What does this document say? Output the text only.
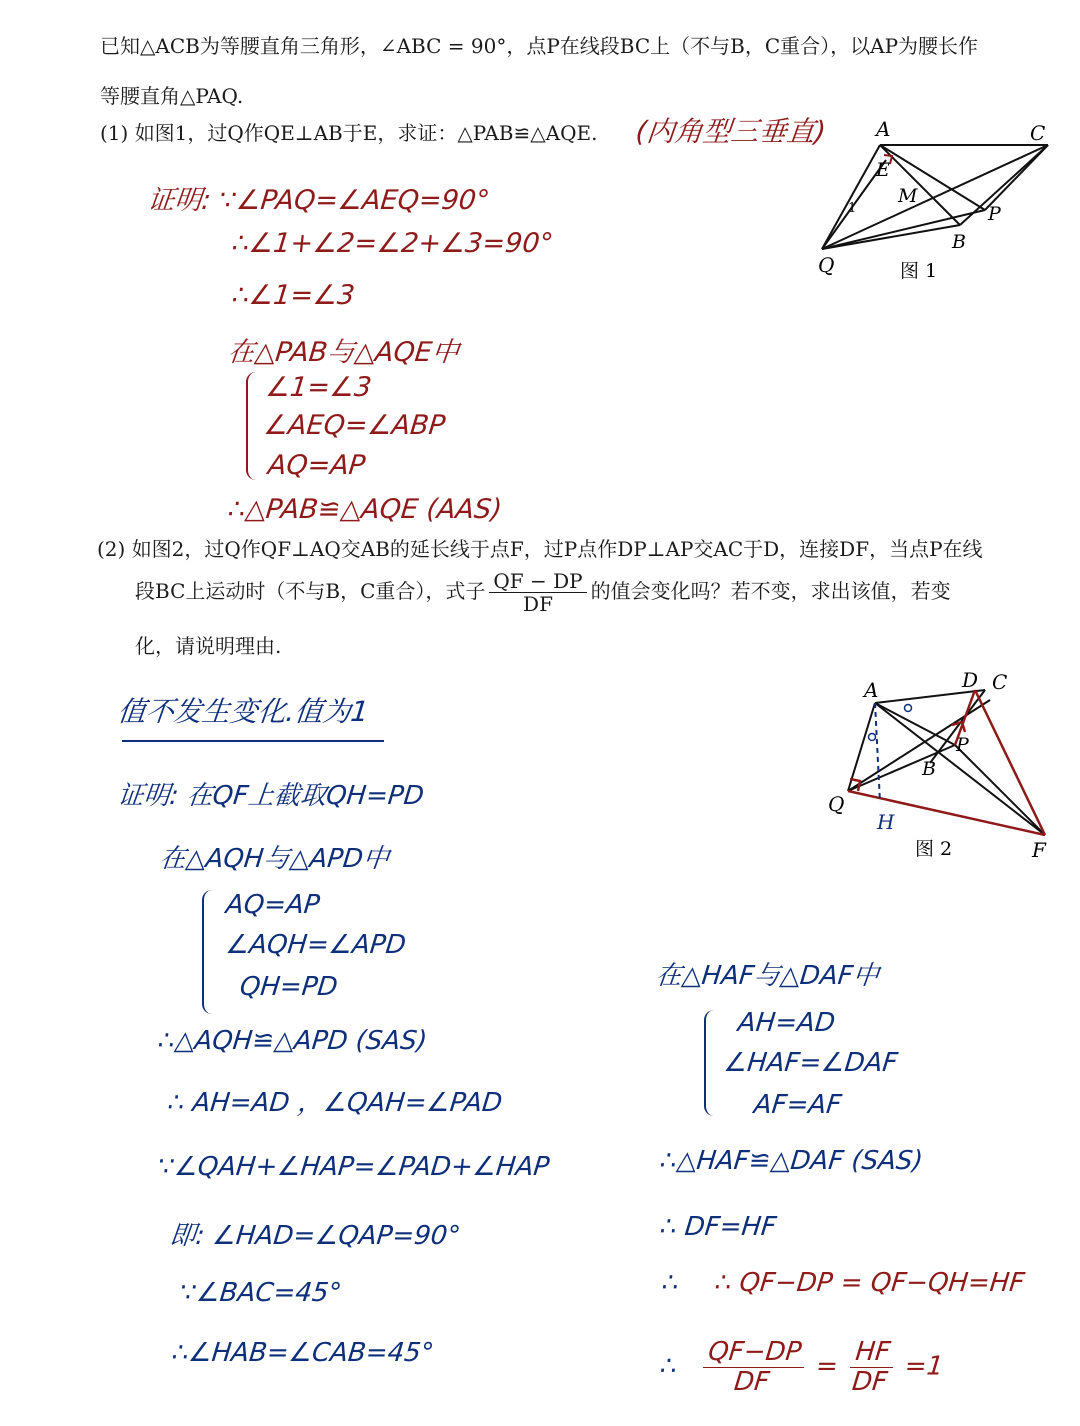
已知△ACB为等腰直角三角形，∠ABC = 90°，点P在线段BC上（不与B，C重合），以AP为腰长作
等腰直角△PAQ.
(1) 如图1，过Q作QE⊥AB于E，求证：△PAB≌△AQE. (内角型三垂直)
(2) 如图2，过Q作QF⊥AQ交AB的延长线于点F，过P点作DP⊥AP交AC于D，连接DF，当点P在线
段BC上运动时（不与B，C重合），式子 $\frac{QF - DP}{DF}$ 的值会变化吗？若不变，求出该值，若变
化，请说明理由.
证明: ∵∠PAQ=∠AEQ=90°
∴∠1+∠2=∠2+∠3=90°
∴∠1=∠3
在△PAB与△AQE中
∠1=∠3
∠AEQ=∠ABP
AQ=AP
∴△PAB≌△AQE (AAS)
值不发生变化.值为1
证明: 在QF上截取QH=PD
在△AQH与△APD中
AQ=AP
∠AQH=∠APD
QH=PD
∴△AQH≌△APD (SAS)
∴ AH=AD ，∠QAH=∠PAD
∵∠QAH+∠HAP=∠PAD+∠HAP
即: ∠HAD=∠QAP=90°
∵∠BAC=45°
∴∠HAB=∠CAB=45°
在△HAF与△DAF中
AH=AD
∠HAF=∠DAF
AF=AF
∴△HAF≌△DAF (SAS)
∴ DF=HF
∴ ∴ QF−DP = QF−QH=HF
∴ $\frac{QF-DP}{DF} = \frac{HF}{DF} =1$
A	C
E
M
P
B
Q
1
图 1
A	D C
P
B
Q
H
F
图 2
